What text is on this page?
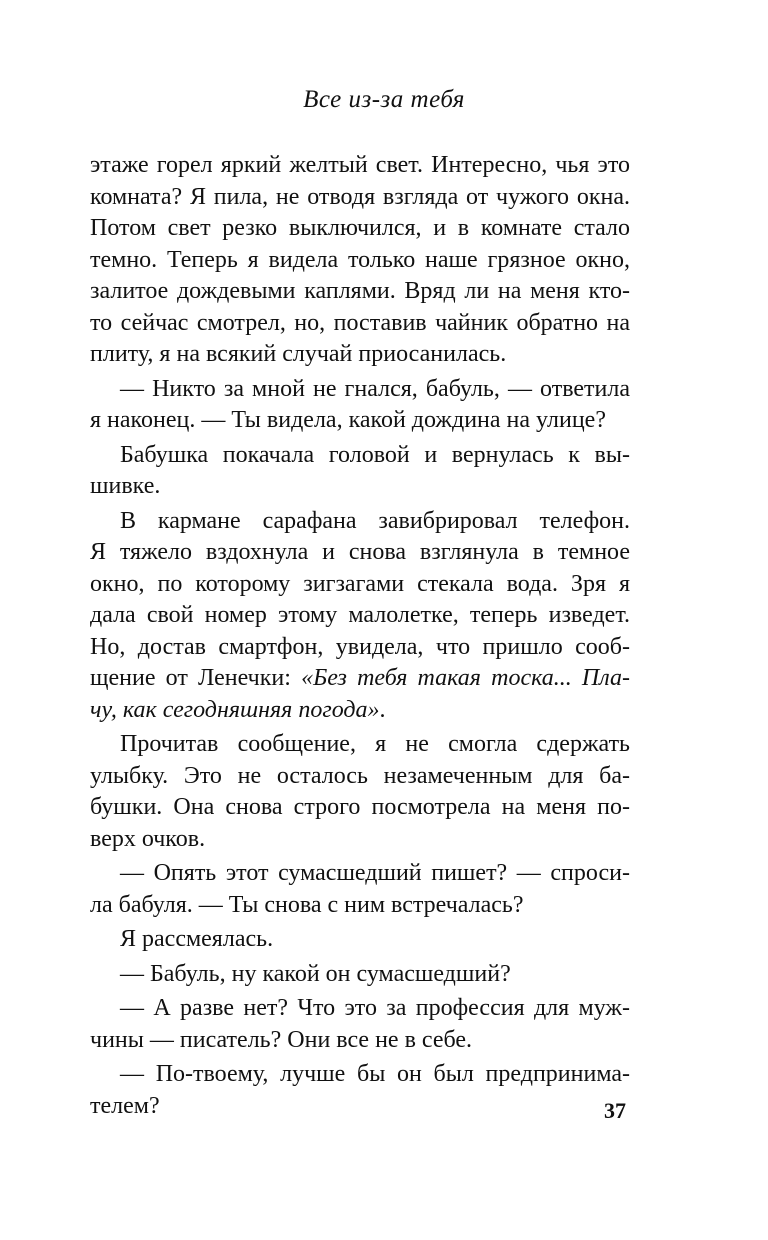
Все из-за тебя
этаже горел яркий желтый свет. Интересно, чья это
комната? Я пила, не отводя взгляда от чужого окна.
Потом свет резко выключился, и в комнате стало
темно. Теперь я видела только наше грязное окно,
залитое дождевыми каплями. Вряд ли на меня кто-
то сейчас смотрел, но, поставив чайник обратно на
плиту, я на всякий случай приосанилась.
— Никто за мной не гнался, бабуль, — ответила
я наконец. — Ты видела, какой дождина на улице?
Бабушка покачала головой и вернулась к вы-
шивке.
В кармане сарафана завибрировал телефон.
Я тяжело вздохнула и снова взглянула в темное
окно, по которому зигзагами стекала вода. Зря я
дала свой номер этому малолетке, теперь изведет.
Но, достав смартфон, увидела, что пришло сооб-
щение от Ленечки: «Без тебя такая тоска... Пла-
чу, как сегодняшняя погода».
Прочитав сообщение, я не смогла сдержать
улыбку. Это не осталось незамеченным для ба-
бушки. Она снова строго посмотрела на меня по-
верх очков.
— Опять этот сумасшедший пишет? — спроси-
ла бабуля. — Ты снова с ним встречалась?
Я рассмеялась.
— Бабуль, ну какой он сумасшедший?
— А разве нет? Что это за профессия для муж-
чины — писатель? Они все не в себе.
— По-твоему, лучше бы он был предпринима-
телем?	37
